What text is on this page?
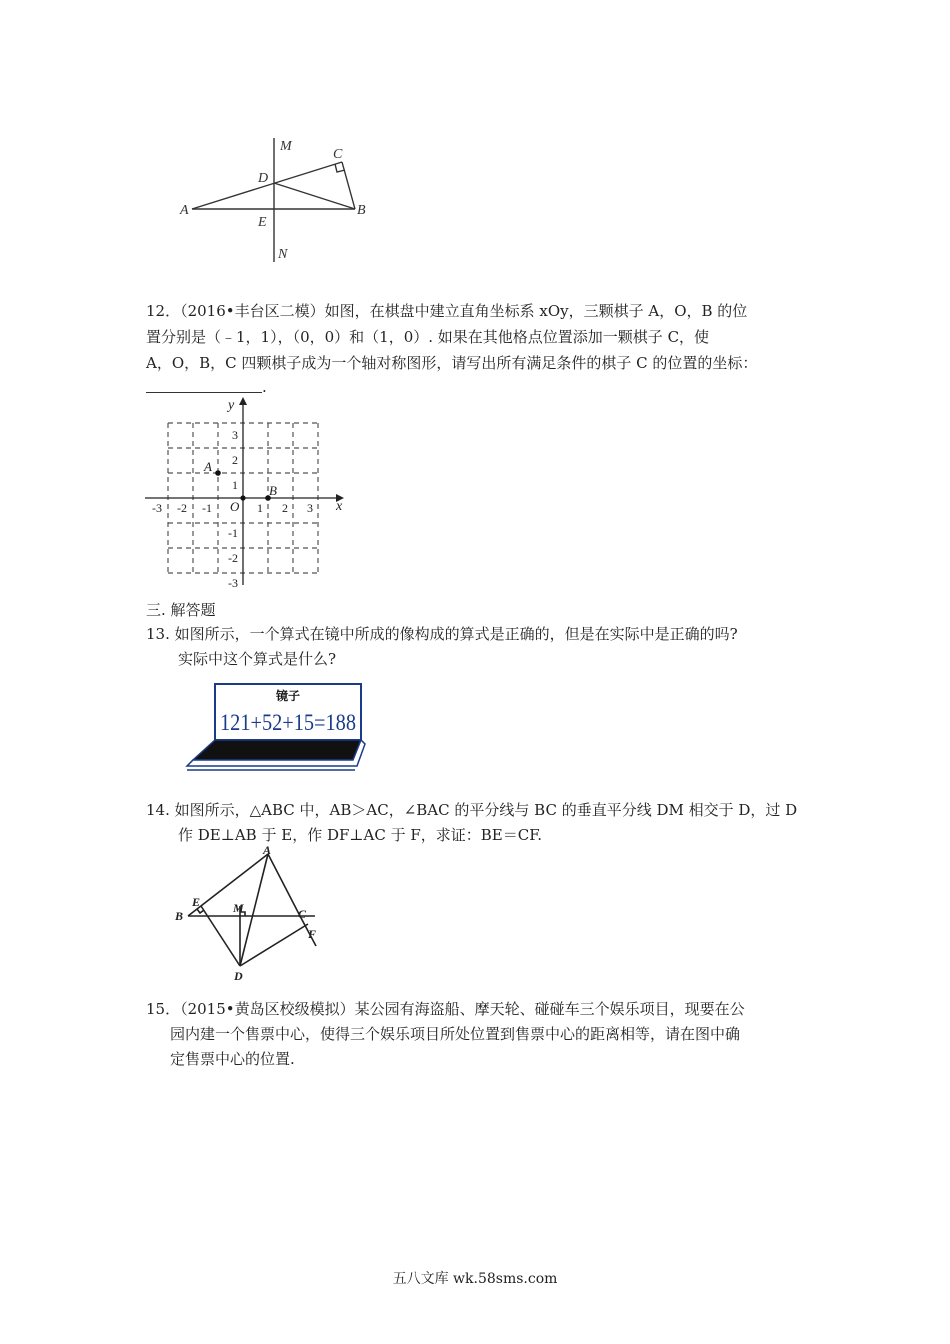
M
C
D
A
E
B
N
12．（2016•丰台区二模）如图，在棋盘中建立直角坐标系 xOy，三颗棋子 A，O，B 的位
置分别是（﹣1，1），（0，0）和（1，0）. 如果在其他格点位置添加一颗棋子 C，使
A，O，B，C 四颗棋子成为一个轴对称图形，请写出所有满足条件的棋子 C 的位置的坐标：
.
y
x
O
3
2
1
-1
-2
-3
-3 -2 -1	1 2 3
A
B
三. 解答题
13. 如图所示，一个算式在镜中所成的像构成的算式是正确的，但是在实际中是正确的吗?
实际中这个算式是什么?
镜子
121+52+15=188
14. 如图所示，△ABC 中，AB＞AC，∠BAC 的平分线与 BC 的垂直平分线 DM 相交于 D，过 D
作 DE⊥AB 于 E，作 DF⊥AC 于 F，求证：BE＝CF.
A
E
B
M	C
F
D
15．（2015•黄岛区校级模拟）某公园有海盗船、摩天轮、碰碰车三个娱乐项目，现要在公
园内建一个售票中心，使得三个娱乐项目所处位置到售票中心的距离相等，请在图中确
定售票中心的位置.
五八文库 wk.58sms.com
